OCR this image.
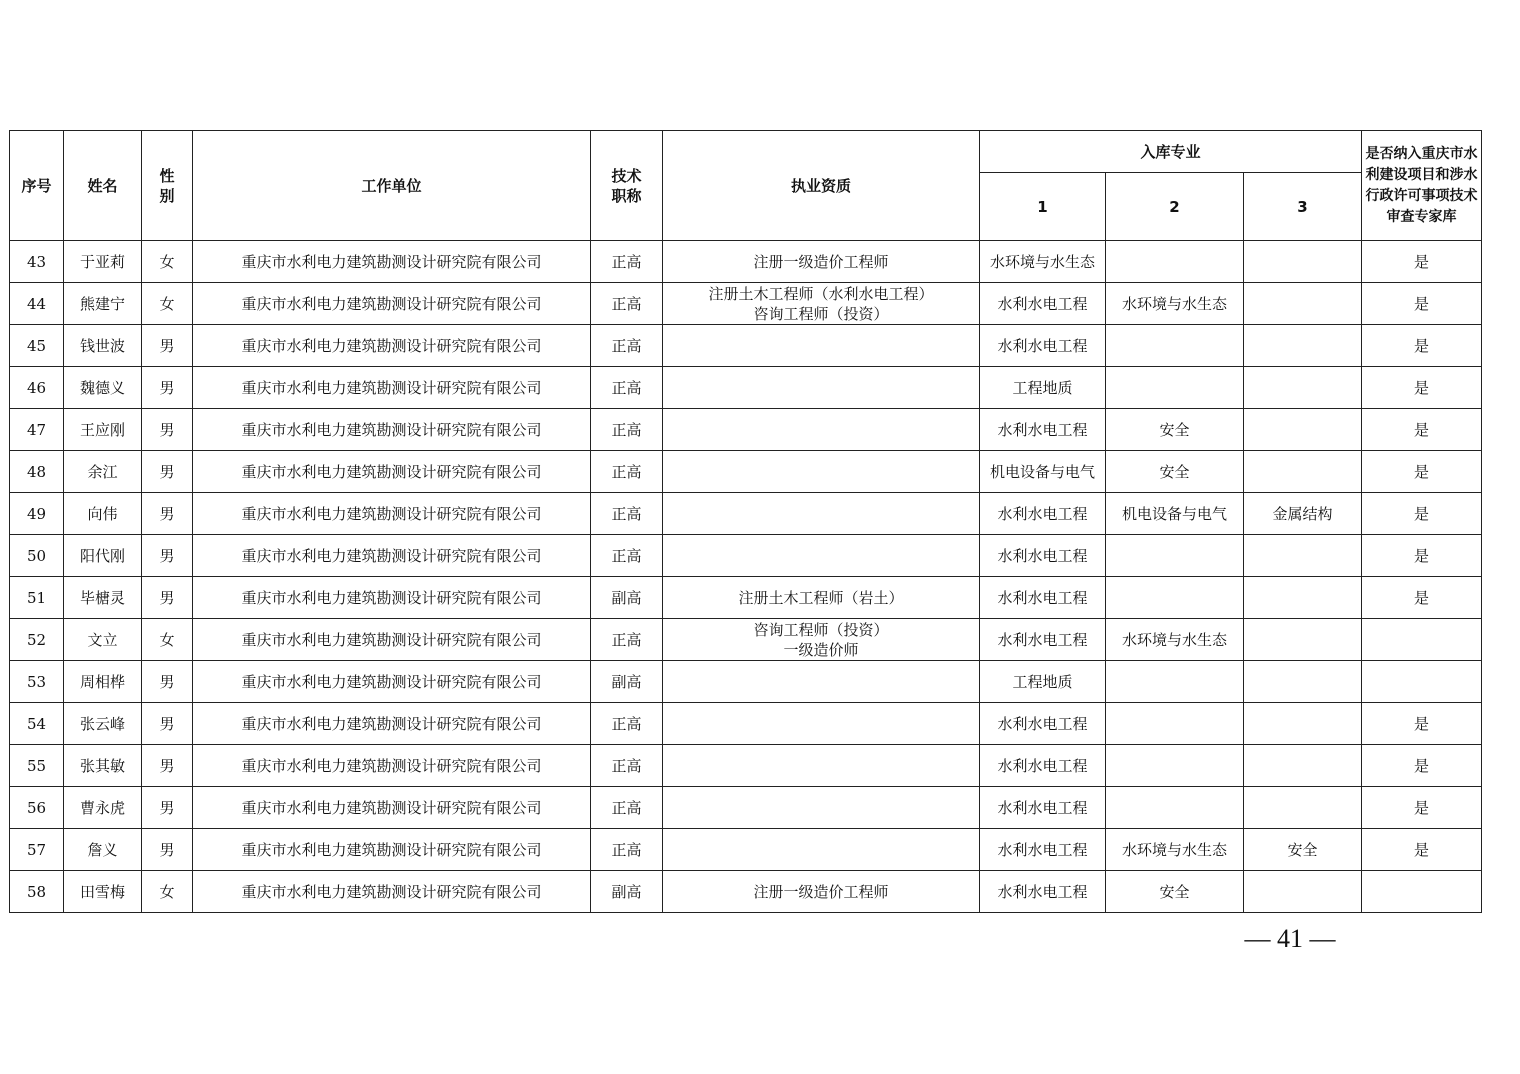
序号	姓名	性别	工作单位	技术职称	执业资质	入库专业			是否纳入重庆市水利建设项目和涉水行政许可事项技术审查专家库
						1	2	3	
43	于亚莉	女	重庆市水利电力建筑勘测设计研究院有限公司	正高	注册一级造价工程师	水环境与水生态			是
44	熊建宁	女	重庆市水利电力建筑勘测设计研究院有限公司	正高	注册土木工程师（水利水电工程）
咨询工程师（投资）	水利水电工程	水环境与水生态		是
45	钱世波	男	重庆市水利电力建筑勘测设计研究院有限公司	正高		水利水电工程			是
46	魏德义	男	重庆市水利电力建筑勘测设计研究院有限公司	正高		工程地质			是
47	王应刚	男	重庆市水利电力建筑勘测设计研究院有限公司	正高		水利水电工程	安全		是
48	余江	男	重庆市水利电力建筑勘测设计研究院有限公司	正高		机电设备与电气	安全		是
49	向伟	男	重庆市水利电力建筑勘测设计研究院有限公司	正高		水利水电工程	机电设备与电气	金属结构	是
50	阳代刚	男	重庆市水利电力建筑勘测设计研究院有限公司	正高		水利水电工程			是
51	毕榶灵	男	重庆市水利电力建筑勘测设计研究院有限公司	副高	注册土木工程师（岩土）	水利水电工程			是
52	文立	女	重庆市水利电力建筑勘测设计研究院有限公司	正高	咨询工程师（投资）
一级造价师	水利水电工程	水环境与水生态		
53	周相桦	男	重庆市水利电力建筑勘测设计研究院有限公司	副高		工程地质			
54	张云峰	男	重庆市水利电力建筑勘测设计研究院有限公司	正高		水利水电工程			是
55	张其敏	男	重庆市水利电力建筑勘测设计研究院有限公司	正高		水利水电工程			是
56	曹永虎	男	重庆市水利电力建筑勘测设计研究院有限公司	正高		水利水电工程			是
57	詹义	男	重庆市水利电力建筑勘测设计研究院有限公司	正高		水利水电工程	水环境与水生态	安全	是
58	田雪梅	女	重庆市水利电力建筑勘测设计研究院有限公司	副高	注册一级造价工程师	水利水电工程	安全		
— 41 —
